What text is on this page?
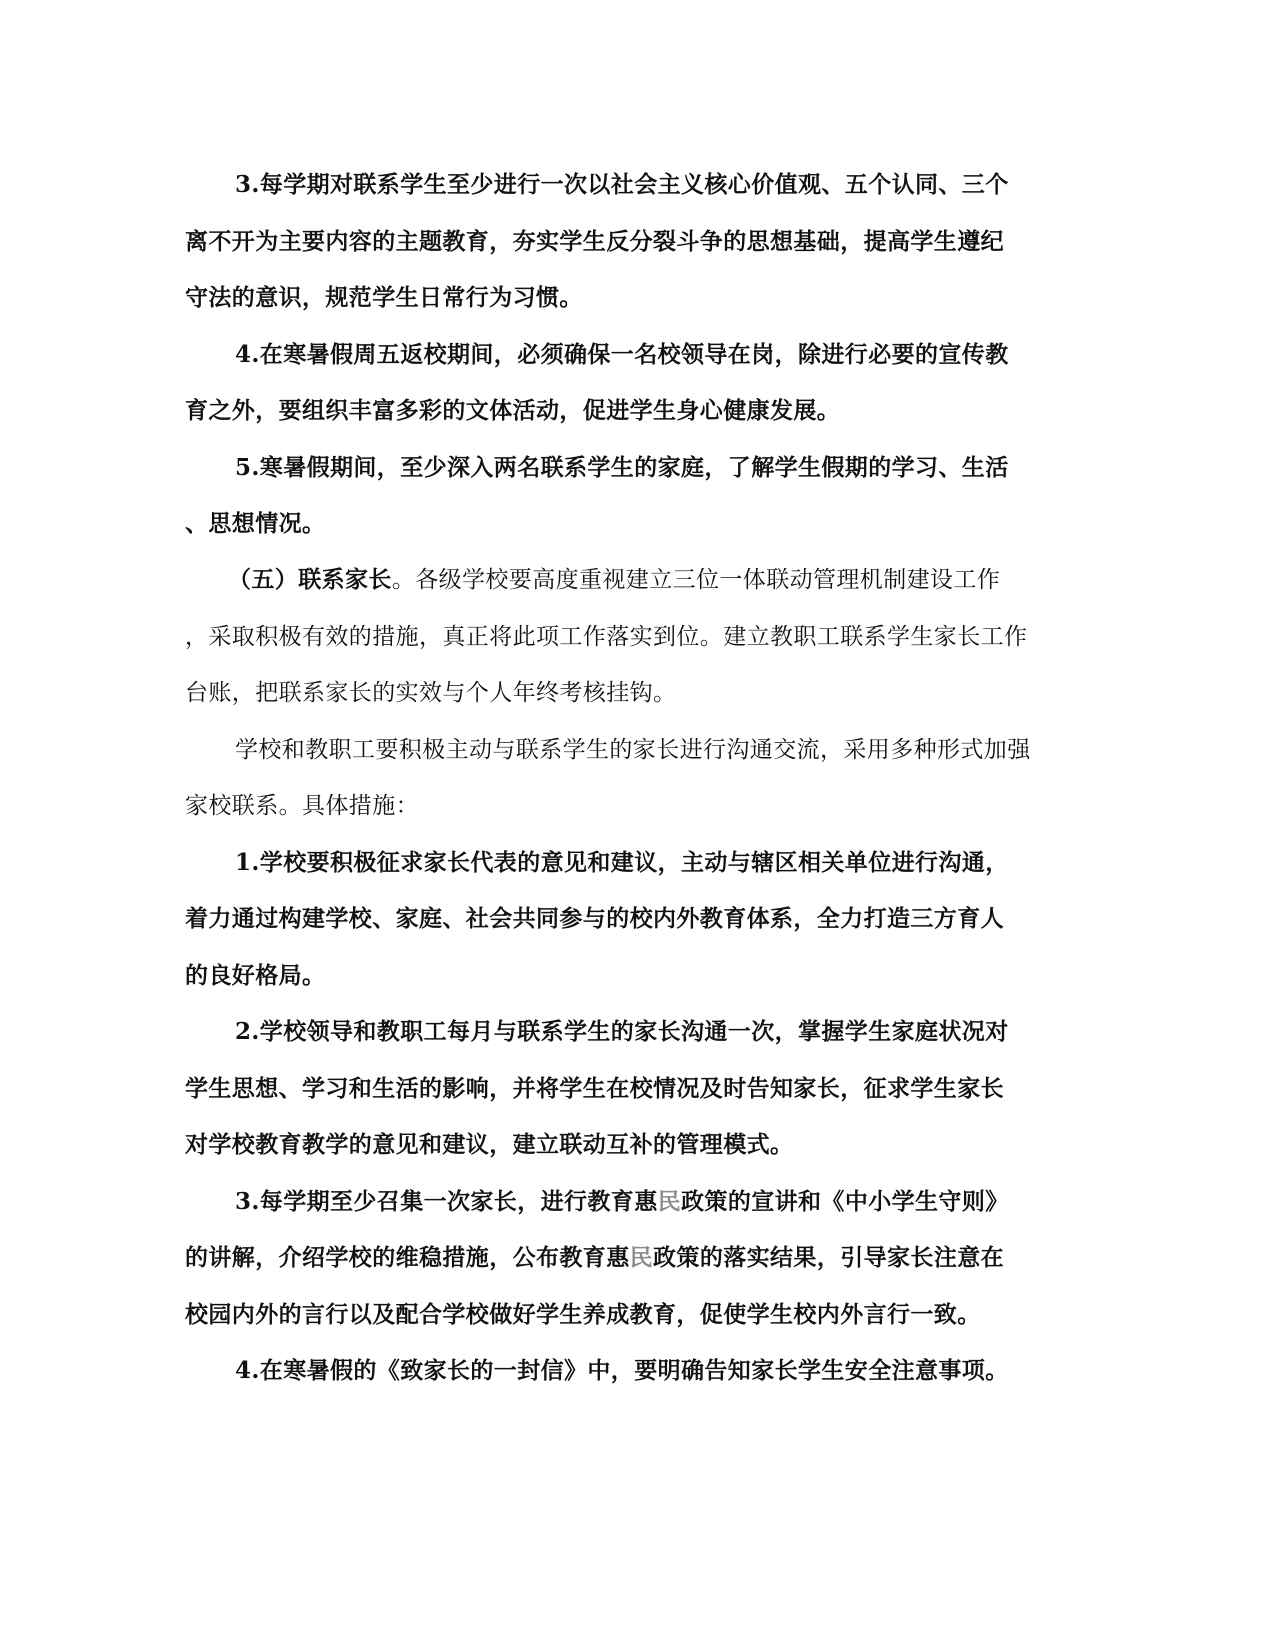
3.每学期对联系学生至少进行一次以社会主义核心价值观、五个认同、三个
离不开为主要内容的主题教育，夯实学生反分裂斗争的思想基础，提高学生遵纪
守法的意识，规范学生日常行为习惯。
4.在寒暑假周五返校期间，必须确保一名校领导在岗，除进行必要的宣传教
育之外，要组织丰富多彩的文体活动，促进学生身心健康发展。
5.寒暑假期间，至少深入两名联系学生的家庭，了解学生假期的学习、生活
、思想情况。
（五）联系家长。各级学校要高度重视建立三位一体联动管理机制建设工作
，采取积极有效的措施，真正将此项工作落实到位。建立教职工联系学生家长工作
台账，把联系家长的实效与个人年终考核挂钩。
学校和教职工要积极主动与联系学生的家长进行沟通交流，采用多种形式加强
家校联系。具体措施：
1.学校要积极征求家长代表的意见和建议，主动与辖区相关单位进行沟通，
着力通过构建学校、家庭、社会共同参与的校内外教育体系，全力打造三方育人
的良好格局。
2.学校领导和教职工每月与联系学生的家长沟通一次，掌握学生家庭状况对
学生思想、学习和生活的影响，并将学生在校情况及时告知家长，征求学生家长
对学校教育教学的意见和建议，建立联动互补的管理模式。
3.每学期至少召集一次家长，进行教育惠民政策的宣讲和《中小学生守则》
的讲解，介绍学校的维稳措施，公布教育惠民政策的落实结果，引导家长注意在
校园内外的言行以及配合学校做好学生养成教育，促使学生校内外言行一致。
4.在寒暑假的《致家长的一封信》中，要明确告知家长学生安全注意事项。
